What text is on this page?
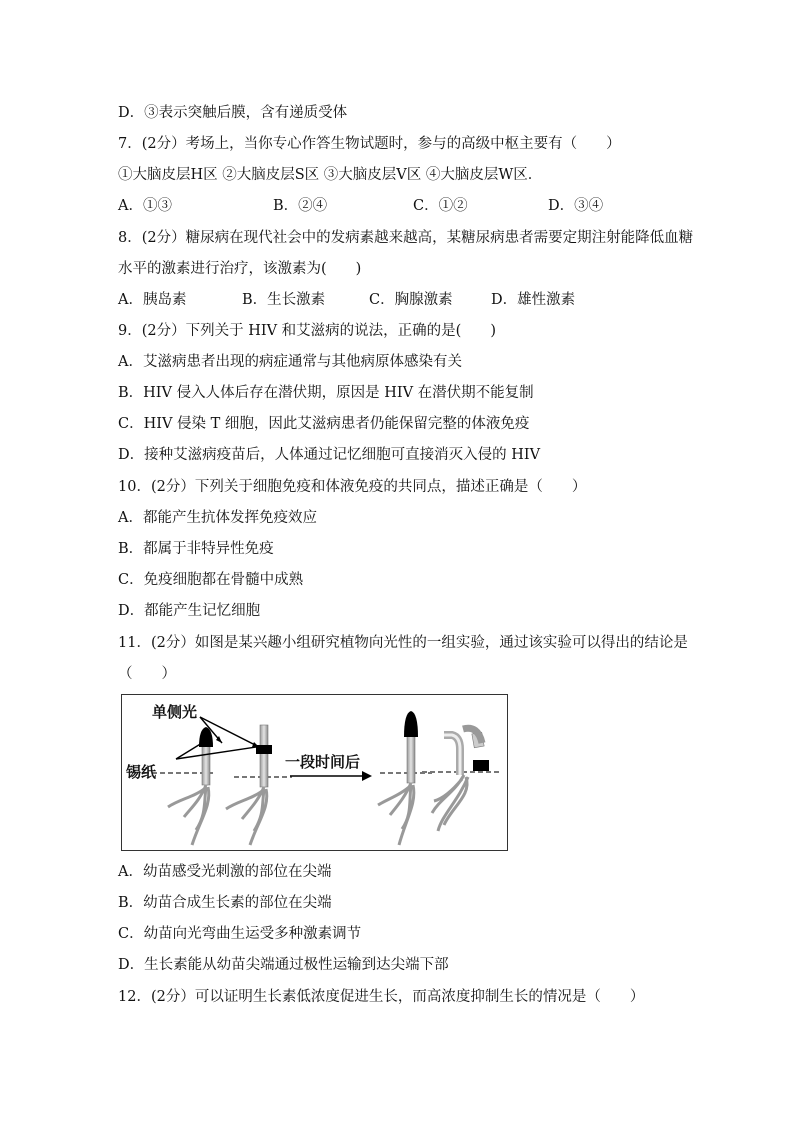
D．③表示突触后膜，含有递质受体
7．(2分）考场上，当你专心作答生物试题时，参与的高级中枢主要有（　　）
①大脑皮层H区 ②大脑皮层S区 ③大脑皮层V区 ④大脑皮层W区．
A．①③	B．②④	C．①②	D．③④
8．(2分）糖尿病在现代社会中的发病素越来越高，某糖尿病患者需要定期注射能降低血糖
水平的激素进行治疗，该激素为(　　)
A．胰岛素	B．生长激素	C．胸腺激素	D．雄性激素
9．(2分）下列关于 HIV 和艾滋病的说法，正确的是(　　)
A．艾滋病患者出现的病症通常与其他病原体感染有关
B．HIV 侵入人体后存在潜伏期，原因是 HIV 在潜伏期不能复制
C．HIV 侵染 T 细胞，因此艾滋病患者仍能保留完整的体液免疫
D．接种艾滋病疫苗后，人体通过记忆细胞可直接消灭入侵的 HIV
10．(2分）下列关于细胞免疫和体液免疫的共同点，描述正确是（　　）
A．都能产生抗体发挥免疫效应
B．都属于非特异性免疫
C．免疫细胞都在骨髓中成熟
D．都能产生记忆细胞
11．(2分）如图是某兴趣小组研究植物向光性的一组实验，通过该实验可以得出的结论是
（　　）
单侧光
锡纸
一段时间后
A．幼苗感受光刺激的部位在尖端
B．幼苗合成生长素的部位在尖端
C．幼苗向光弯曲生运受多种激素调节
D．生长素能从幼苗尖端通过极性运输到达尖端下部
12．(2分）可以证明生长素低浓度促进生长，而高浓度抑制生长的情况是（　　）
